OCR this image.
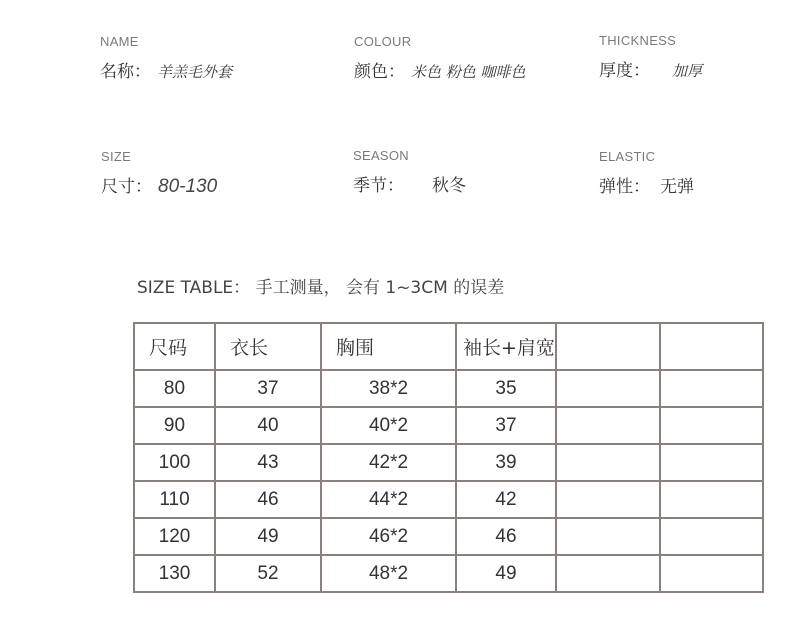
NAME
名称： 羊羔毛外套
COLOUR
颜色： 米色 粉色 咖啡色
THICKNESS
厚度： 加厚
SIZE
尺寸： 80-130
SEASON
季节： 秋冬
ELASTIC
弹性： 无弹
SIZE TABLE： 手工测量， 会有 1~3CM 的误差
尺码	衣长	胸围	袖长+肩宽		
80	37	38*2	35		
90	40	40*2	37		
100	43	42*2	39		
110	46	44*2	42		
120	49	46*2	46		
130	52	48*2	49		
